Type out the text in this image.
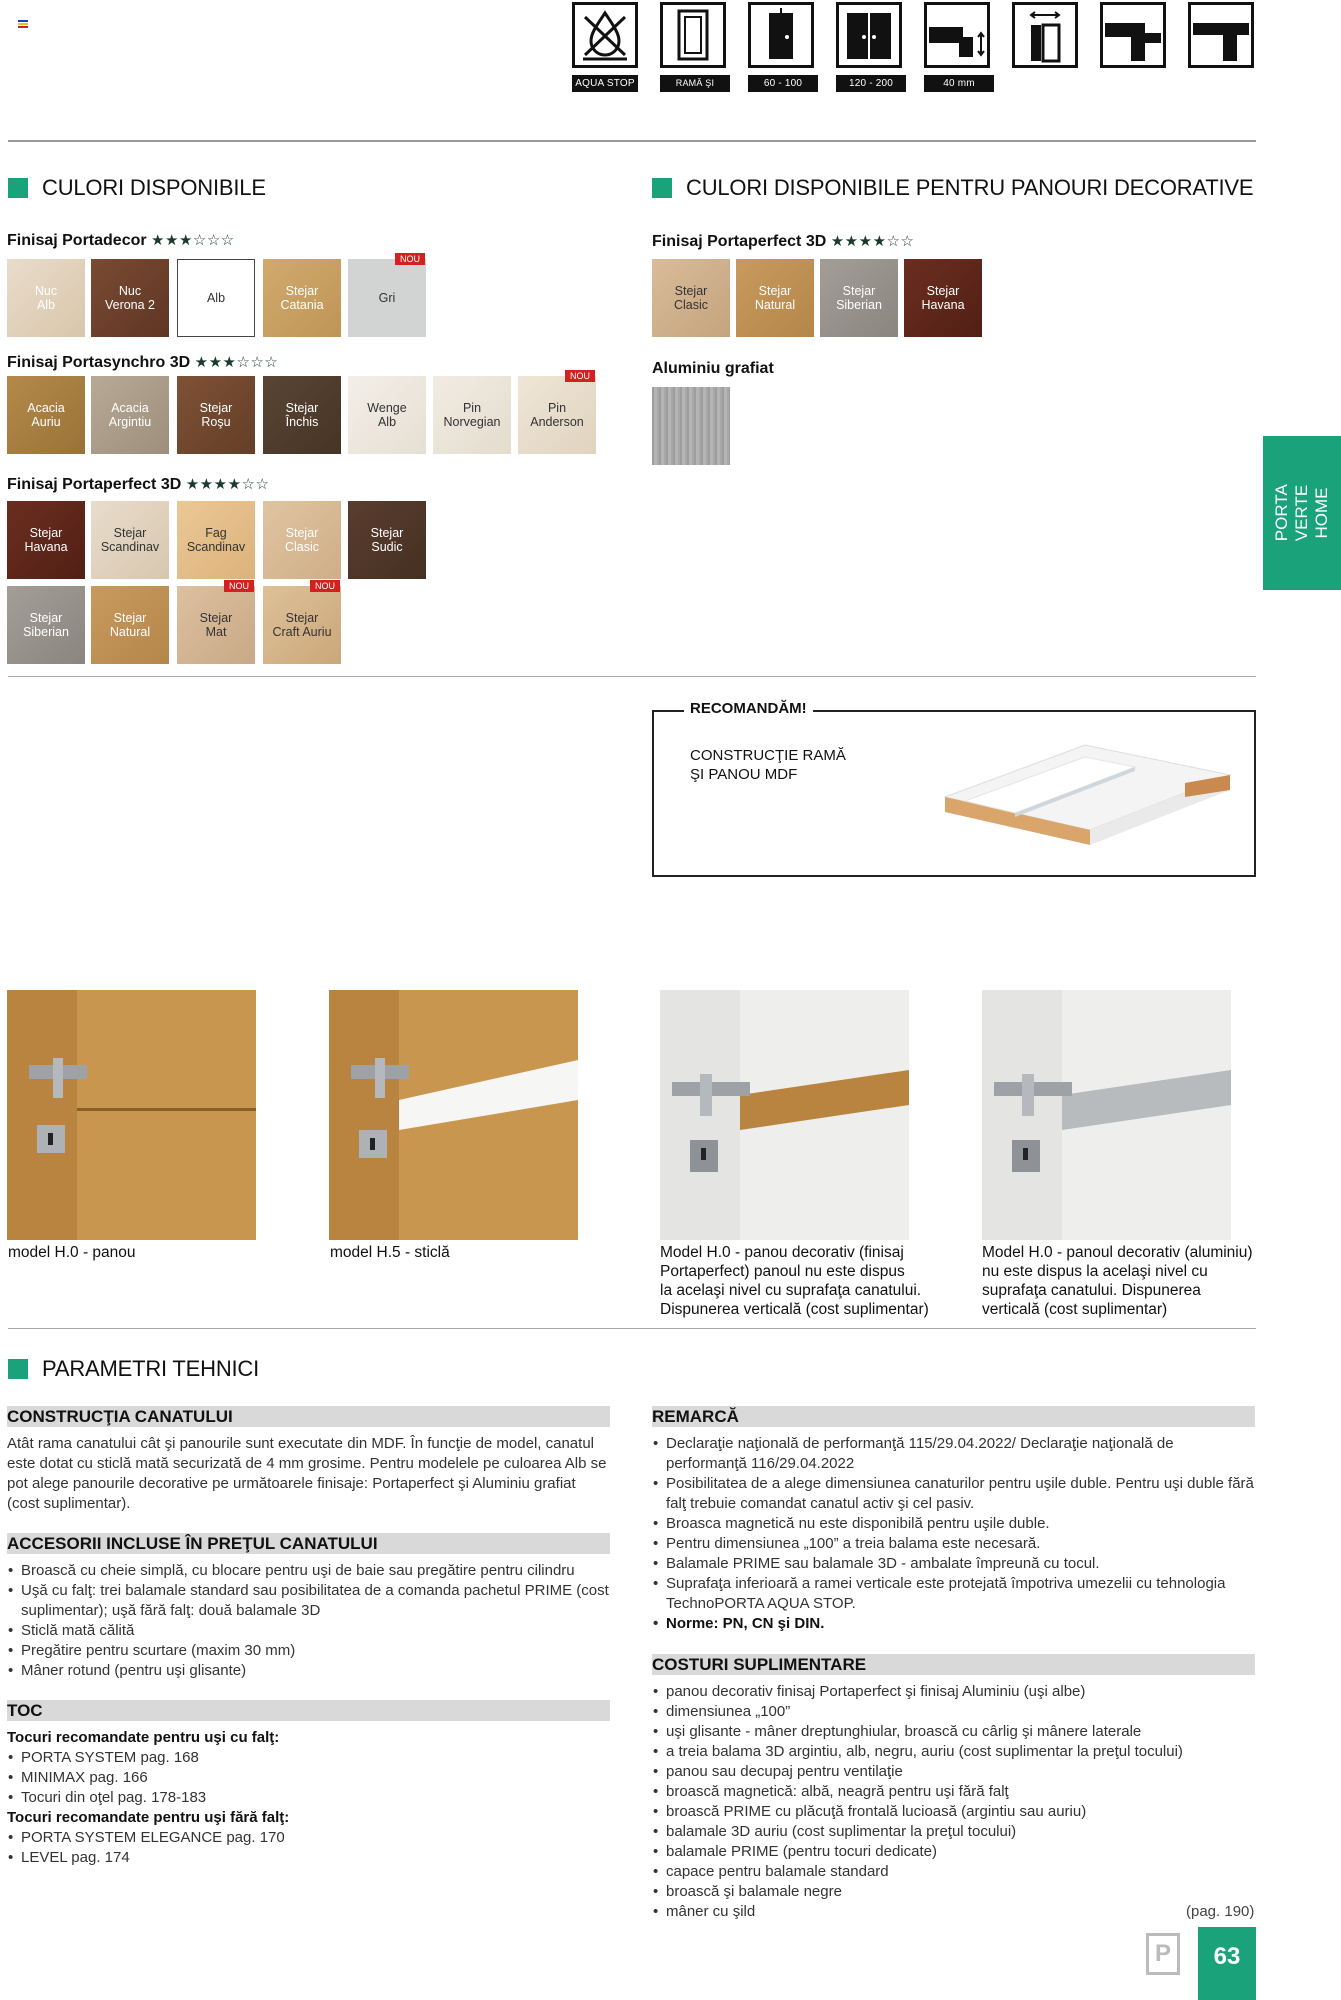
AQUA STOP	RAMĂ ŞI PANOU
60 - 100	120 - 200	40 mm
CULORI DISPONIBILE	CULORI DISPONIBILE PENTRU PANOURI DECORATIVE
Finisaj Portadecor ★★★☆☆☆
Nuc
Alb
Nuc
Verona 2	Alb	Stejar
Catania	Gri
NOU
Finisaj Portasynchro 3D ★★★☆☆☆
Acacia
Auriu
Acacia
Argintiu
Stejar
Roşu
Stejar
Închis
Wenge
Alb
Pin
Norvegian
Pin
Anderson
NOU
Finisaj Portaperfect 3D ★★★★☆☆
Stejar
Havana
Stejar
Scandinav
Fag
Scandinav
Stejar
Clasic
Stejar
Sudic
Stejar
Siberian
Stejar
Natural
Stejar
Mat
NOU
Stejar
Craft Auriu
NOU
Finisaj Portaperfect 3D ★★★★☆☆
Stejar
Clasic
Stejar
Natural
Stejar
Siberian
Stejar
Havana
Aluminiu grafiat
PORTA VERTE
HOME
RECOMANDĂM!
CONSTRUCŢIE RAMĂ
ŞI PANOU MDF
model H.0 - panou	model H.5 - sticlă	Model H.0 - panou decorativ (finisaj
Portaperfect) panoul nu este dispus
la acelaşi nivel cu suprafaţa canatului.
Dispunerea verticală (cost suplimentar)
Model H.0 - panoul decorativ (aluminiu)
nu este dispus la acelaşi nivel cu
suprafaţa canatului. Dispunerea
verticală (cost suplimentar)
PARAMETRI TEHNICI
CONSTRUCŢIA CANATULUI
Atât rama canatului cât şi panourile sunt executate din MDF. În funcţie de model, canatul este dotat cu sticlă mată securizată de 4 mm grosime. Pentru modelele pe culoarea Alb se pot alege panourile decorative pe următoarele finisaje: Portaperfect şi Aluminiu grafiat (cost suplimentar).
ACCESORII INCLUSE ÎN PREŢUL CANATULUI
• Broască cu cheie simplă, cu blocare pentru uşi de baie sau pregătire pentru cilindru
• Uşă cu falţ: trei balamale standard sau posibilitatea de a comanda pachetul PRIME (cost suplimentar); uşă fără falţ: două balamale 3D
• Sticlă mată călită
• Pregătire pentru scurtare (maxim 30 mm)
• Mâner rotund (pentru uşi glisante)
TOC
Tocuri recomandate pentru uşi cu falţ:
• PORTA SYSTEM pag. 168
• MINIMAX pag. 166
• Tocuri din oţel pag. 178-183
Tocuri recomandate pentru uşi fără falţ:
• PORTA SYSTEM ELEGANCE pag. 170
• LEVEL pag. 174
REMARCĂ
• Declaraţie naţională de performanţă 115/29.04.2022/ Declaraţie naţională de performanţă 116/29.04.2022
• Posibilitatea de a alege dimensiunea canaturilor pentru uşile duble. Pentru uşi duble fără falţ trebuie comandat canatul activ şi cel pasiv.
• Broasca magnetică nu este disponibilă pentru uşile duble.
• Pentru dimensiunea „100” a treia balama este necesară.
• Balamale PRIME sau balamale 3D - ambalate împreună cu tocul.
• Suprafaţa inferioară a ramei verticale este protejată împotriva umezelii cu tehnologia TechnoPORTA AQUA STOP.
• Norme: PN, CN şi DIN.
COSTURI SUPLIMENTARE
• panou decorativ finisaj Portaperfect şi finisaj Aluminiu (uşi albe)
• dimensiunea „100”
• uşi glisante - mâner dreptunghiular, broască cu cârlig şi mânere laterale
• a treia balama 3D argintiu, alb, negru, auriu (cost suplimentar la preţul tocului)
• panou sau decupaj pentru ventilaţie
• broască magnetică: albă, neagră pentru uşi fără falţ
• broască PRIME cu plăcuţă frontală lucioasă (argintiu sau auriu)
• balamale 3D auriu (cost suplimentar la preţul tocului)
• balamale PRIME (pentru tocuri dedicate)
• capace pentru balamale standard
• broască şi balamale negre
• mâner cu şild	(pag. 190)
P	63
